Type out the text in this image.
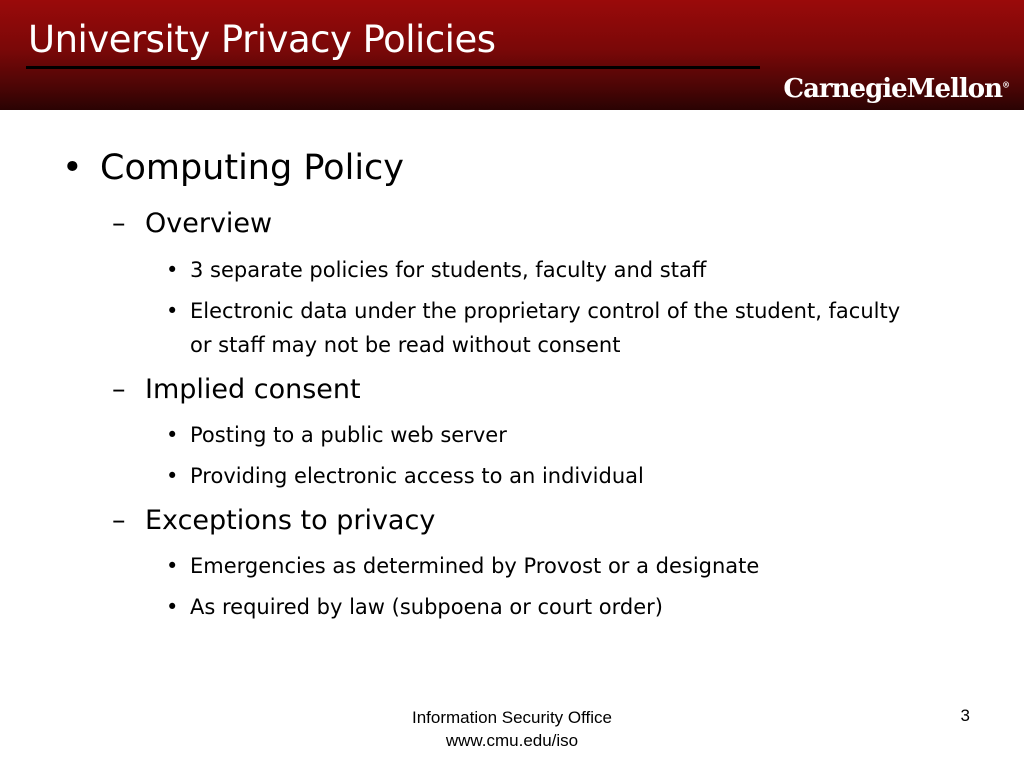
University Privacy Policies
CarnegieMellon®
• Computing Policy
– Overview
• 3 separate policies for students, faculty and staff
• Electronic data under the proprietary control of the student, faculty or staff may not be read without consent
– Implied consent
• Posting to a public web server
• Providing electronic access to an individual
– Exceptions to privacy
• Emergencies as determined by Provost or a designate
• As required by law (subpoena or court order)
Information Security Office
www.cmu.edu/iso
3
